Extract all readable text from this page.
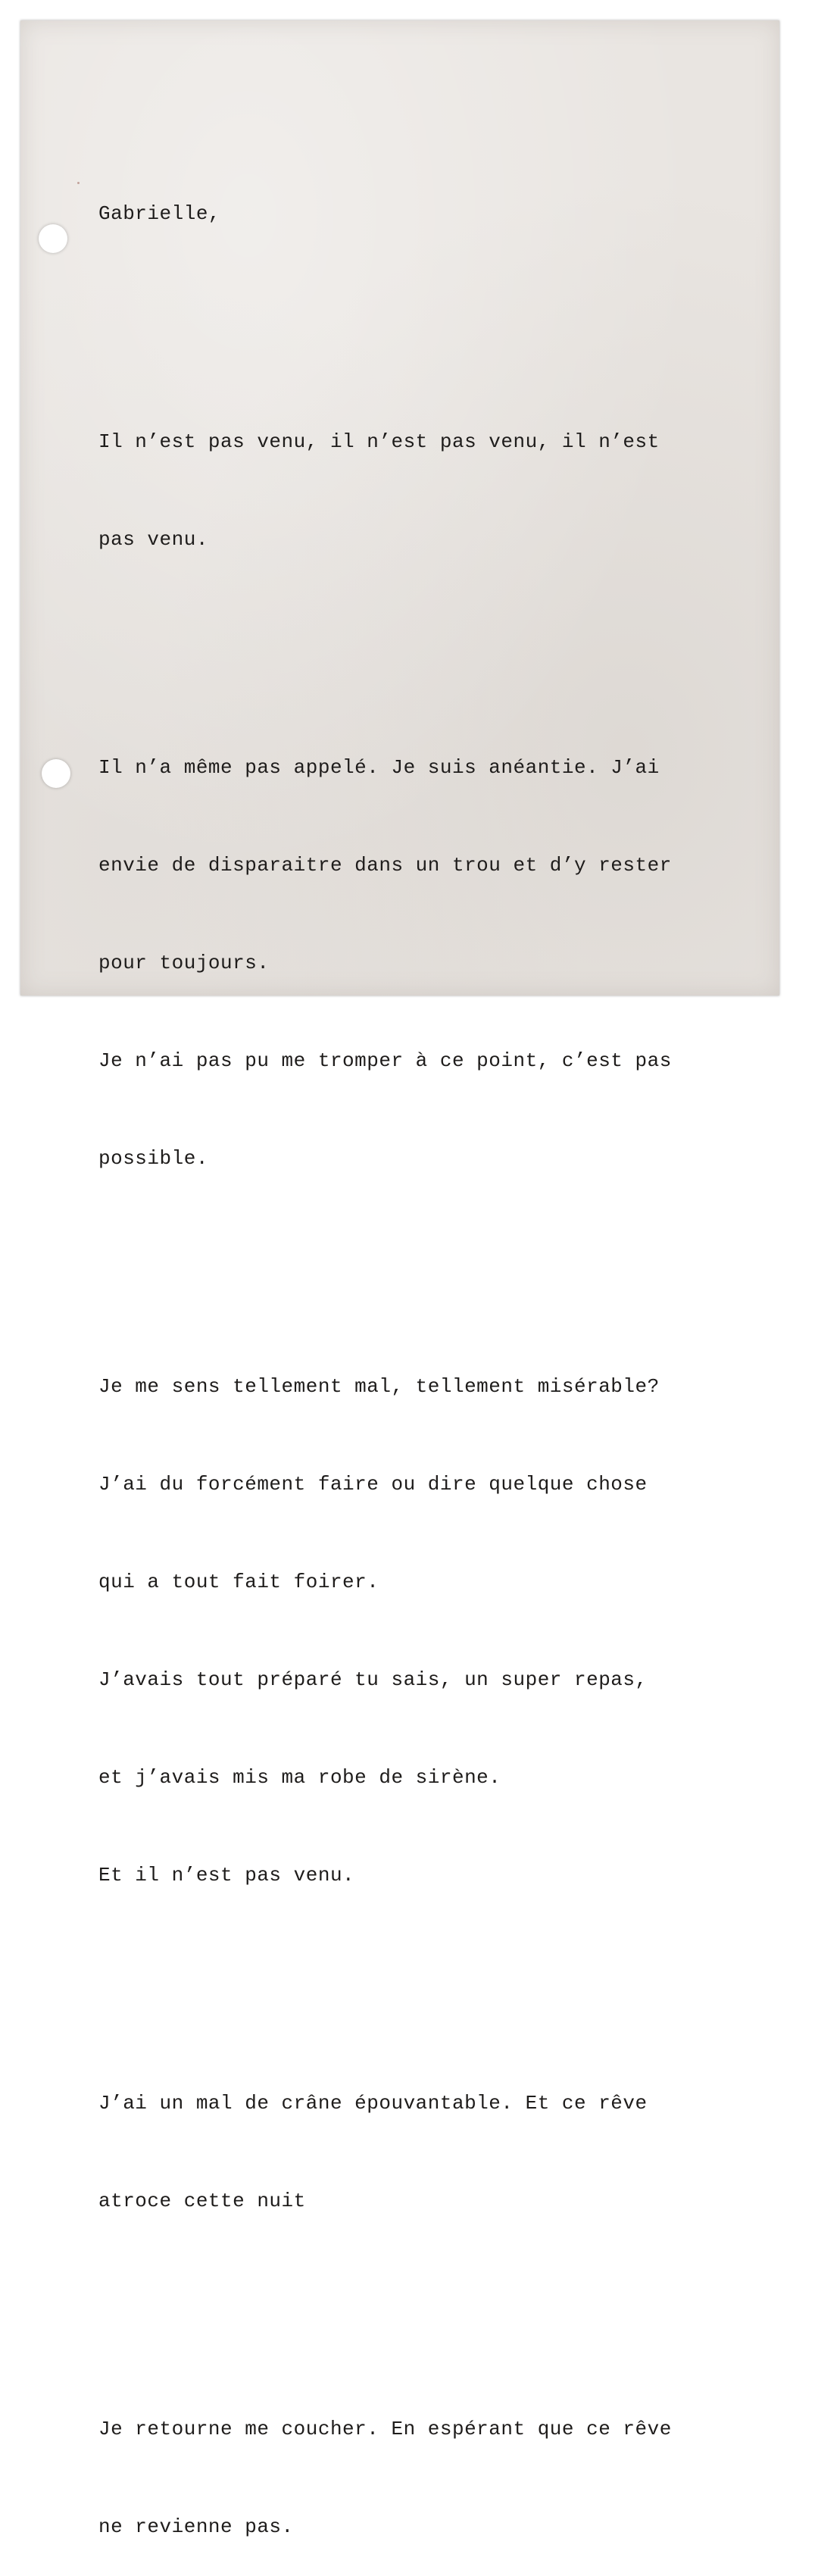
Gabrielle,

Il n’est pas venu, il n’est pas venu, il n’est

pas venu.

Il n’a même pas appelé. Je suis anéantie. J’ai

envie de disparaitre dans un trou et d’y rester

pour toujours.

Je n’ai pas pu me tromper à ce point, c’est pas

possible.

Je me sens tellement mal, tellement misérable?

J’ai du forcément faire ou dire quelque chose

qui a tout fait foirer.

J’avais tout préparé tu sais, un super repas,

et j’avais mis ma robe de sirène.

Et il n’est pas venu.

J’ai un mal de crâne épouvantable. Et ce rêve

atroce cette nuit

Je retourne me coucher. En espérant que ce rêve

ne revienne pas.
